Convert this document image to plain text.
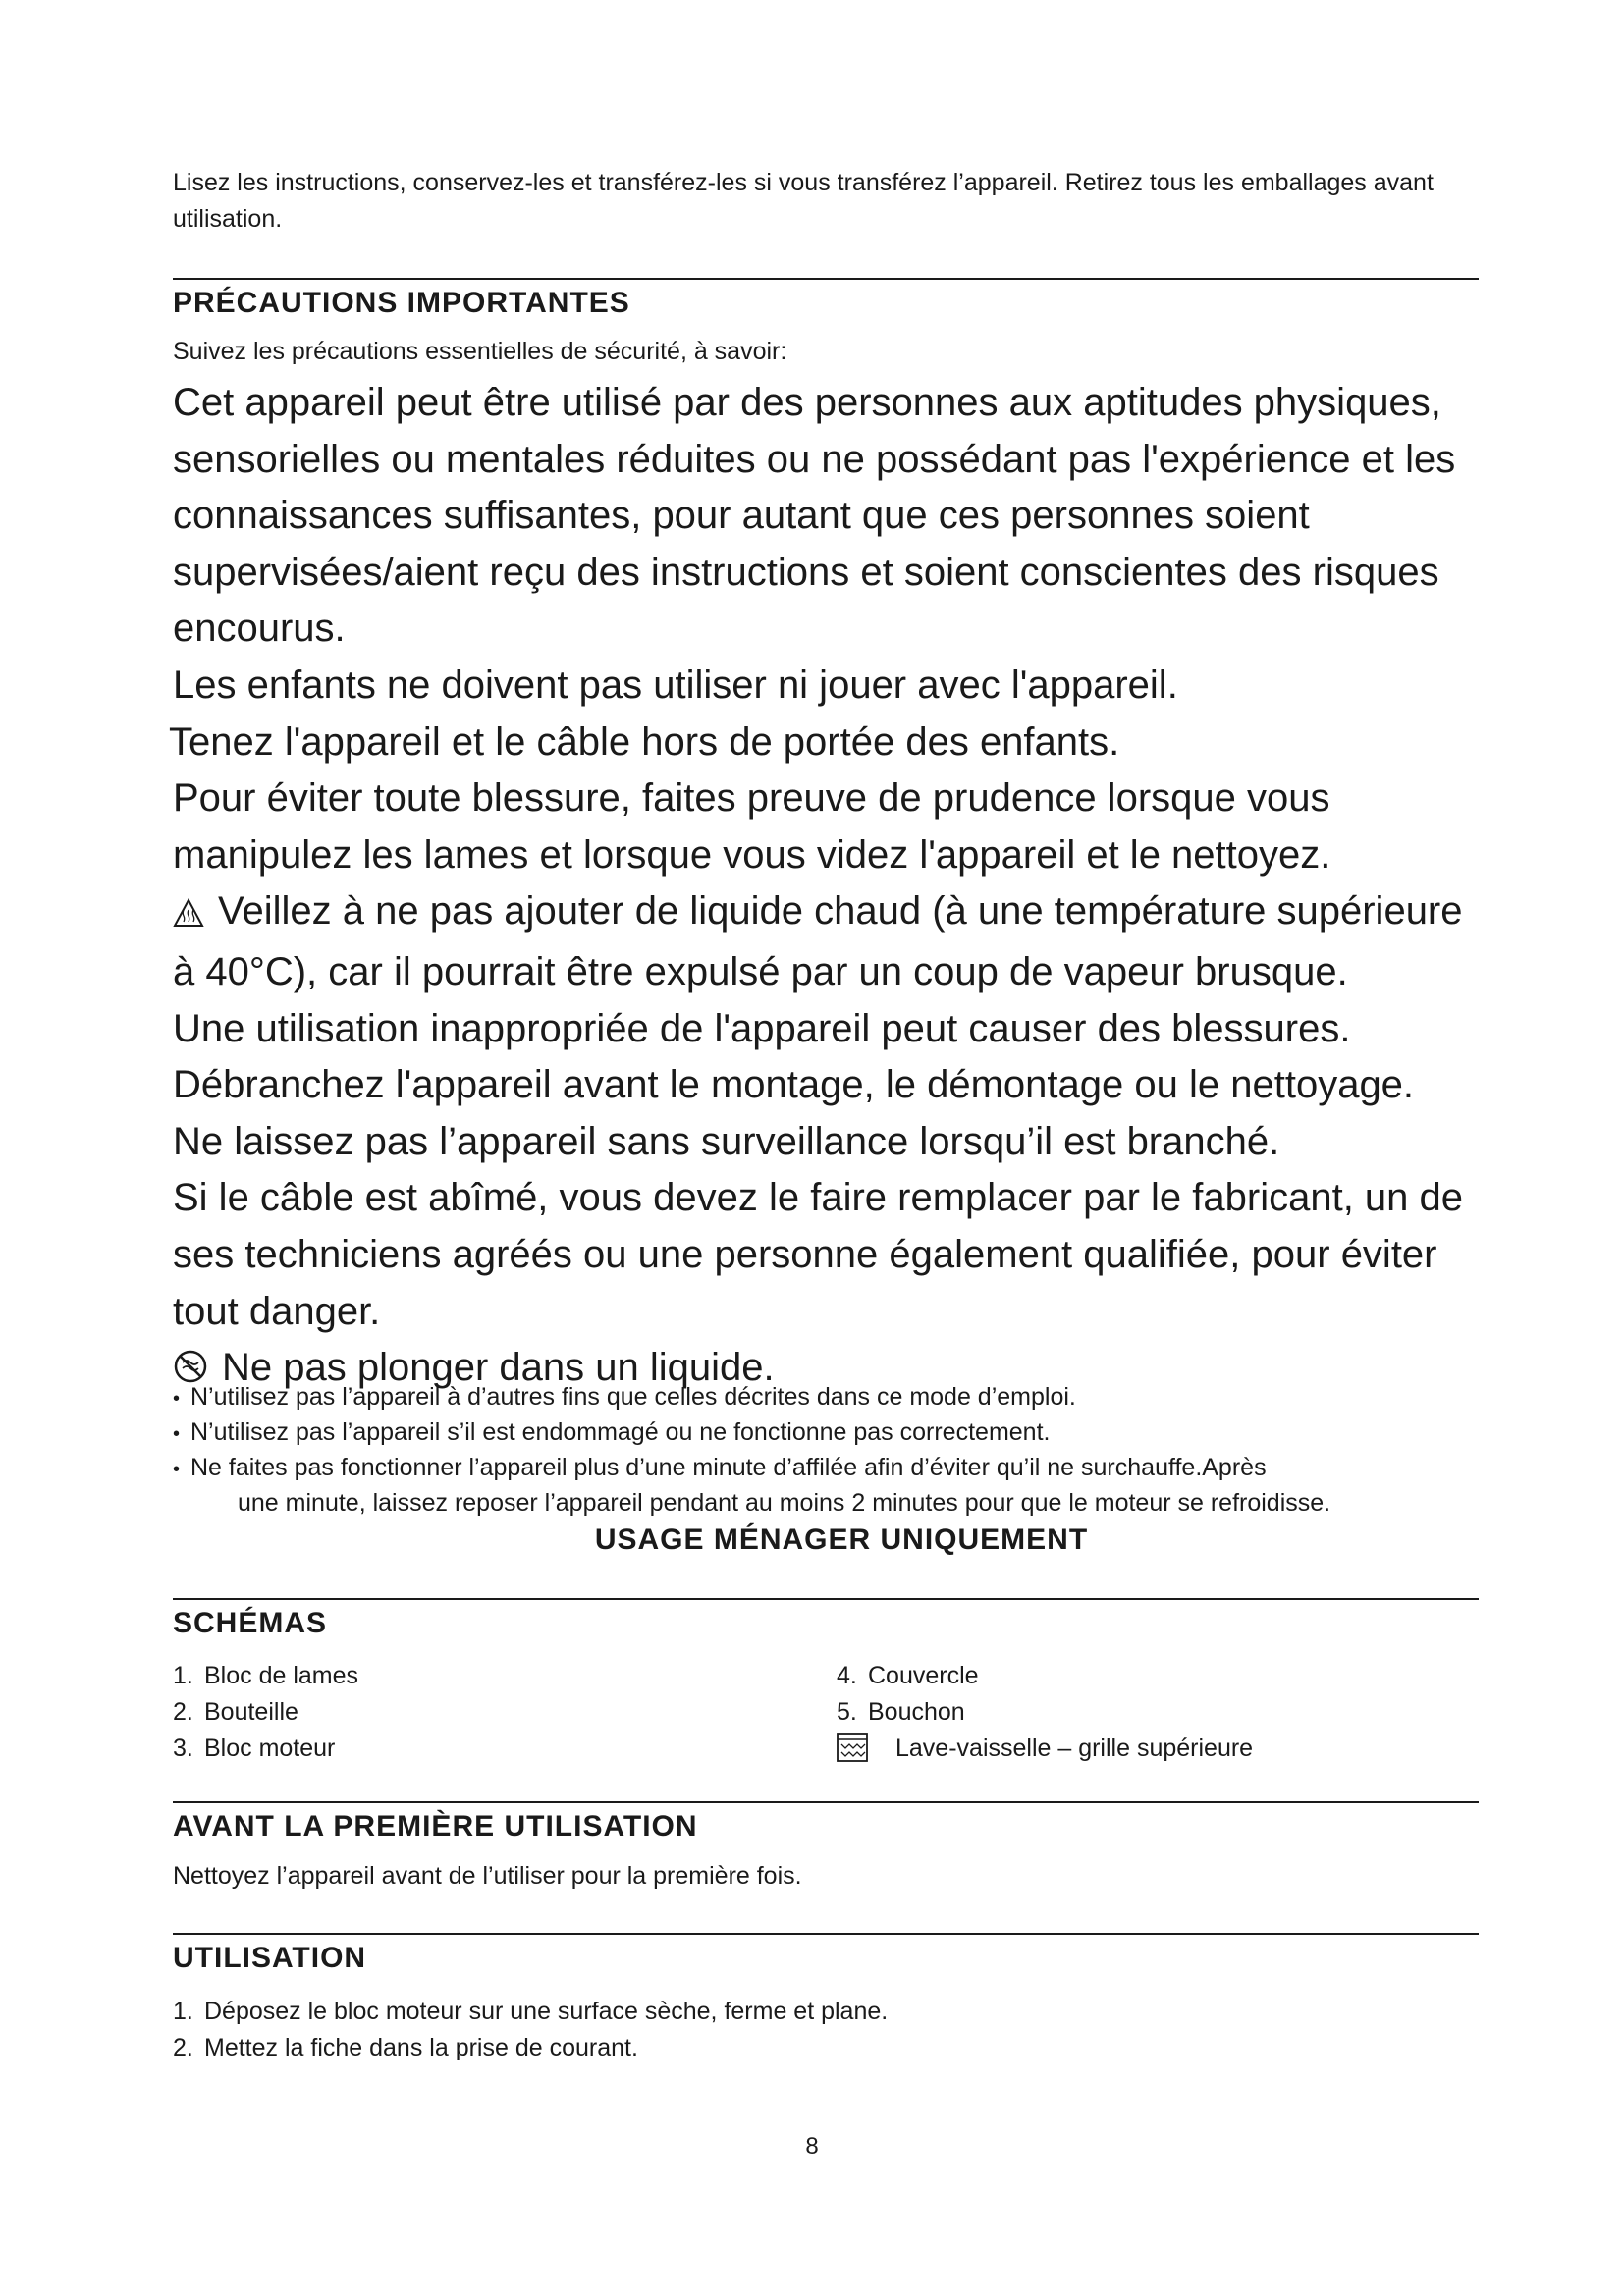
Lisez les instructions, conservez-les et transférez-les si vous transférez l’appareil. Retirez tous les emballages avant utilisation.
PRÉCAUTIONS IMPORTANTES
Suivez les précautions essentielles de sécurité, à savoir:
Cet appareil peut être utilisé par des personnes aux aptitudes physiques,
sensorielles ou mentales réduites ou ne possédant pas l'expérience et les
connaissances suffisantes, pour autant que ces personnes soient
supervisées/aient reçu des instructions et soient conscientes des risques
encourus.
Les enfants ne doivent pas utiliser ni jouer avec l'appareil.
Tenez l'appareil et le câble hors de portée des enfants.
Pour éviter toute blessure, faites preuve de prudence lorsque vous
manipulez les lames et lorsque vous videz l'appareil et le nettoyez.
Veillez à ne pas ajouter de liquide chaud (à une température supérieure
à 40°C), car il pourrait être expulsé par un coup de vapeur brusque.
Une utilisation inappropriée de l'appareil peut causer des blessures.
Débranchez l'appareil avant le montage, le démontage ou le nettoyage.
Ne laissez pas l’appareil sans surveillance lorsqu’il est branché.
Si le câble est abîmé, vous devez le faire remplacer par le fabricant, un de
ses techniciens agréés ou une personne également qualifiée, pour éviter
tout danger.
Ne pas plonger dans un liquide.
• N’utilisez pas l’appareil à d’autres fins que celles décrites dans ce mode d’emploi.
• N’utilisez pas l’appareil s’il est endommagé ou ne fonctionne pas correctement.
• Ne faites pas fonctionner l’appareil plus d’une minute d’affilée afin d’éviter qu’il ne surchauffe.Après
une minute, laissez reposer l’appareil pendant au moins 2 minutes pour que le moteur se refroidisse.
USAGE MÉNAGER UNIQUEMENT
SCHÉMAS
1. Bloc de lames
2. Bouteille
3. Bloc moteur
4. Couvercle
5. Bouchon
Lave-vaisselle – grille supérieure
AVANT LA PREMIÈRE UTILISATION
Nettoyez l’appareil avant de l’utiliser pour la première fois.
UTILISATION
1. Déposez le bloc moteur sur une surface sèche, ferme et plane.
2. Mettez la fiche dans la prise de courant.
8
